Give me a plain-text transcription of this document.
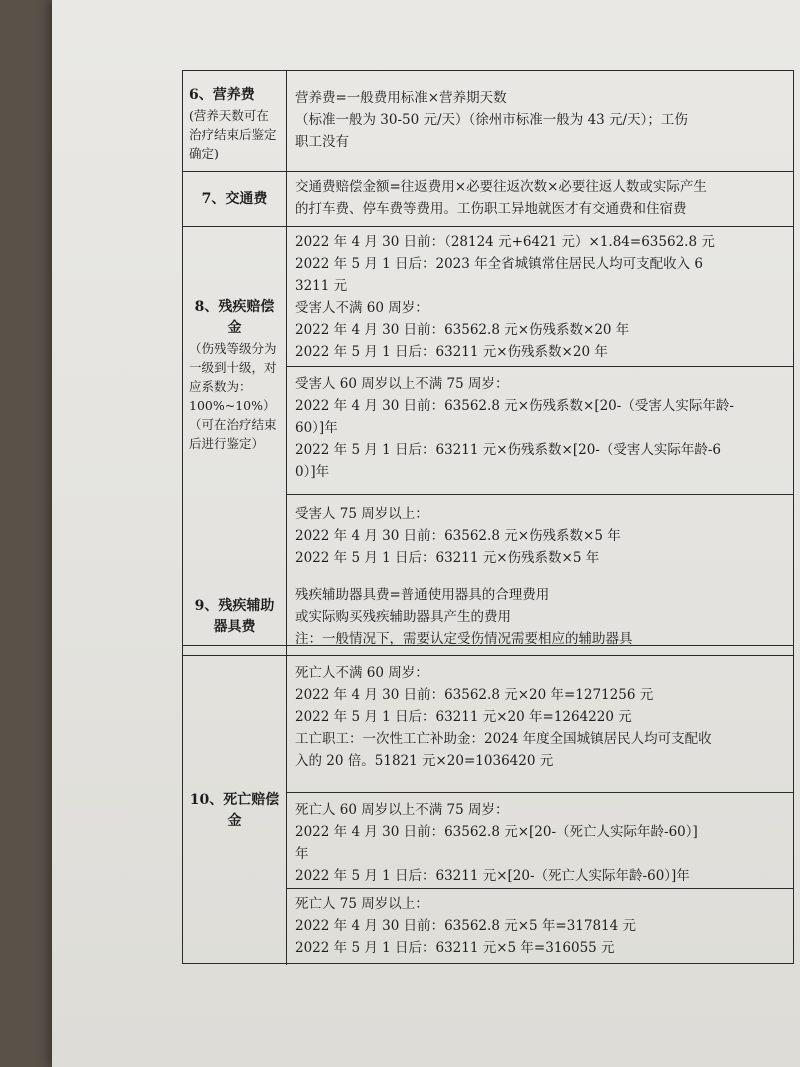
6、营养费
(营养天数可在治疗结束后鉴定确定)
营养费=一般费用标准×营养期天数
（标准一般为 30-50 元/天）（徐州市标准一般为 43 元/天）；工伤
职工没有
7、交通费
交通费赔偿金额=往返费用×必要往返次数×必要往返人数或实际产生
的打车费、停车费等费用。工伤职工异地就医才有交通费和住宿费
8、残疾赔偿金
（伤残等级分为一级到十级，对应系数为：100%~10%）（可在治疗结束后进行鉴定）
2022 年 4 月 30 日前：（28124 元+6421 元）×1.84=63562.8 元
2022 年 5 月 1 日后：2023 年全省城镇常住居民人均可支配收入 6
3211 元
受害人不满 60 周岁：
2022 年 4 月 30 日前：63562.8 元×伤残系数×20 年
2022 年 5 月 1 日后：63211 元×伤残系数×20 年
受害人 60 周岁以上不满 75 周岁：
2022 年 4 月 30 日前：63562.8 元×伤残系数×[20-（受害人实际年龄-
60）]年
2022 年 5 月 1 日后：63211 元×伤残系数×[20-（受害人实际年龄-6
0）]年
受害人 75 周岁以上：
2022 年 4 月 30 日前：63562.8 元×伤残系数×5 年
2022 年 5 月 1 日后：63211 元×伤残系数×5 年
9、残疾辅助器具费
残疾辅助器具费=普通使用器具的合理费用
或实际购买残疾辅助器具产生的费用
注：一般情况下，需要认定受伤情况需要相应的辅助器具
10、死亡赔偿金
死亡人不满 60 周岁：
2022 年 4 月 30 日前：63562.8 元×20 年=1271256 元
2022 年 5 月 1 日后：63211 元×20 年=1264220 元
工亡职工：一次性工亡补助金：2024 年度全国城镇居民人均可支配收
入的 20 倍。51821 元×20=1036420 元
死亡人 60 周岁以上不满 75 周岁：
2022 年 4 月 30 日前：63562.8 元×[20-（死亡人实际年龄-60）]
年
2022 年 5 月 1 日后：63211 元×[20-（死亡人实际年龄-60）]年
死亡人 75 周岁以上：
2022 年 4 月 30 日前：63562.8 元×5 年=317814 元
2022 年 5 月 1 日后：63211 元×5 年=316055 元
